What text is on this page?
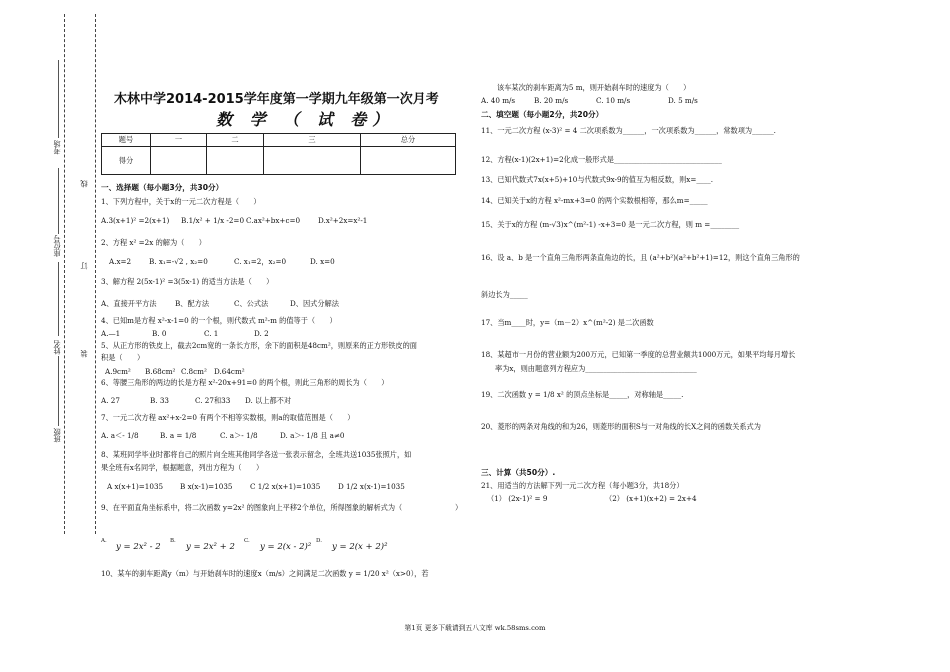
考场
座位号
姓名
班级
线
订
装
木林中学2014-2015学年度第一学期九年级第一次月考
数 学 （ 试 卷）
题号	一	二	三	总分
得分				
一、选择题（每小题3分，共30分）
1、下列方程中，关于x的一元二次方程是（　　）
A.3(x+1)² =2(x+1) B.1/x² + 1/x -2=0 C.ax²+bx+c=0 D.x²+2x=x²-1
2、方程 x² =2x 的解为（　　）
A.x=2 B. x₁=-√2 , x₂=0	C. x₁=2，x₂=0	D. x=0
3、解方程 2(5x-1)² =3(5x-1) 的适当方法是（　　）
A、直接开平方法	B、配方法	C、公式法	D、因式分解法
4、已知m是方程 x²-x-1=0 的一个根，则代数式 m²-m 的值等于（　　）
A.—1	B. 0	C. 1	D. 2
5、从正方形的铁皮上，截去2cm宽的一条长方形，余下的面积是48cm²，则原来的正方形铁皮的面
积是（　　）
A.9cm² B.68cm² C.8cm² D.64cm²
6、等腰三角形的两边的长是方程 x²-20x+91=0 的两个根，则此三角形的周长为（　　）
A. 27	B. 33	C. 27和33 D. 以上都不对
7、一元二次方程 ax²+x-2=0 有两个不相等实数根，则a的取值范围是（　　）
A. a＜- 1/8	B. a = 1/8	C. a＞- 1/8	D. a＞- 1/8 且 a≠0
8、某班同学毕业时都将自己的照片向全班其他同学各送一张表示留念，全班共送1035张照片，如
果全班有x名同学，根据题意，列出方程为（　　）
A x(x+1)=1035 B x(x-1)=1035 C 1/2 x(x+1)=1035 D 1/2 x(x-1)=1035
9、在平面直角坐标系中，将二次函数 y=2x² 的图象向上平移2个单位，所得图象的解析式为（	）
A.
y = 2x² - 2
B.
y = 2x² + 2
C.
y = 2(x - 2)²
D.
y = 2(x + 2)²
10、某车的刹车距离y（m）与开始刹车时的速度x（m/s）之间满足二次函数 y = 1/20 x²（x>0），若
该车某次的刹车距离为5 m，则开始刹车时的速度为（　　）
A. 40 m/s	B. 20 m/s	C. 10 m/s	D. 5 m/s
二、填空题（每小题2分，共20分）
11、一元二次方程 (x-3)² = 4 二次项系数为______，一次项系数为______，常数项为______.
12、方程(x-1)(2x+1)=2化成一般形式是______________________________
13、已知代数式7x(x+5)+10与代数式9x-9的值互为相反数，则x=____.
14、已知关于x的方程 x²-mx+3=0 的两个实数根相等，那么m=_____
15、关于x的方程 (m-√3)x^(m²-1) -x+3=0 是一元二次方程，则 m =________
16、设 a、b 是一个直角三角形两条直角边的长，且 (a²+b²)(a²+b²+1)=12，则这个直角三角形的
斜边长为_____
17、当m____时，y=（m－2）x^(m²-2) 是二次函数
18、某超市一月份的营业额为200万元，已知第一季度的总营业额共1000万元，如果平均每月增长
率为x，则由题意列方程应为_______________________________
19、二次函数 y = 1/8 x² 的顶点坐标是_____，对称轴是_____.
20、菱形的两条对角线的和为26，则菱形的面积S与一对角线的长X之间的函数关系式为
三、计算（共50分）.
21、用适当的方法解下列一元二次方程（每小题3分，共18分）
（1） (2x-1)² = 9	（2） (x+1)(x+2) = 2x+4
第1页 更多下载请到五八文库 wk.58sms.com
